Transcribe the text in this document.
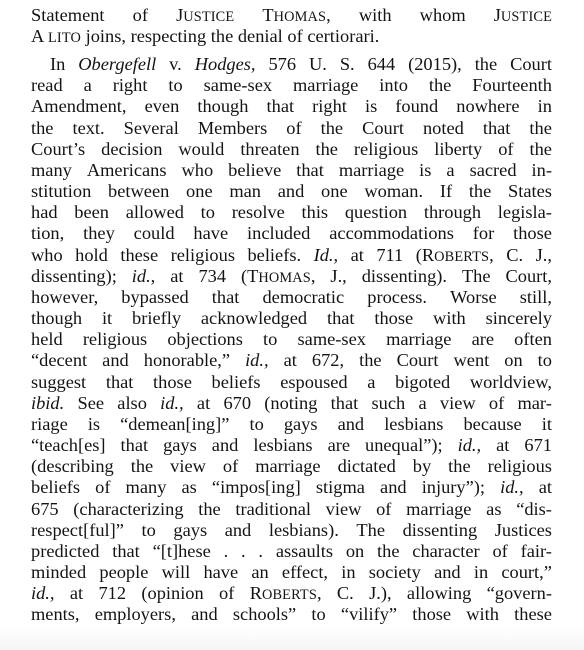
Statement of JUSTICE THOMAS, with whom JUSTICE
A LITO joins, respecting the denial of certiorari.
In Obergefell v. Hodges, 576 U. S. 644 (2015), the Court
read a right to same-sex marriage into the Fourteenth
Amendment, even though that right is found nowhere in
the text. Several Members of the Court noted that the
Court’s decision would threaten the religious liberty of the
many Americans who believe that marriage is a sacred in-
stitution between one man and one woman. If the States
had been allowed to resolve this question through legisla-
tion, they could have included accommodations for those
who hold these religious beliefs. Id., at 711 (ROBERTS, C. J.,
dissenting); id., at 734 (THOMAS, J., dissenting). The Court,
however, bypassed that democratic process. Worse still,
though it briefly acknowledged that those with sincerely
held religious objections to same-sex marriage are often
“decent and honorable,” id., at 672, the Court went on to
suggest that those beliefs espoused a bigoted worldview,
ibid. See also id., at 670 (noting that such a view of mar-
riage is “demean[ing]” to gays and lesbians because it
“teach[es] that gays and lesbians are unequal”); id., at 671
(describing the view of marriage dictated by the religious
beliefs of many as “impos[ing] stigma and injury”); id., at
675 (characterizing the traditional view of marriage as “dis-
respect[ful]” to gays and lesbians). The dissenting Justices
predicted that “[t]hese . . . assaults on the character of fair-
minded people will have an effect, in society and in court,”
id., at 712 (opinion of ROBERTS, C. J.), allowing “govern-
ments, employers, and schools” to “vilify” those with these
